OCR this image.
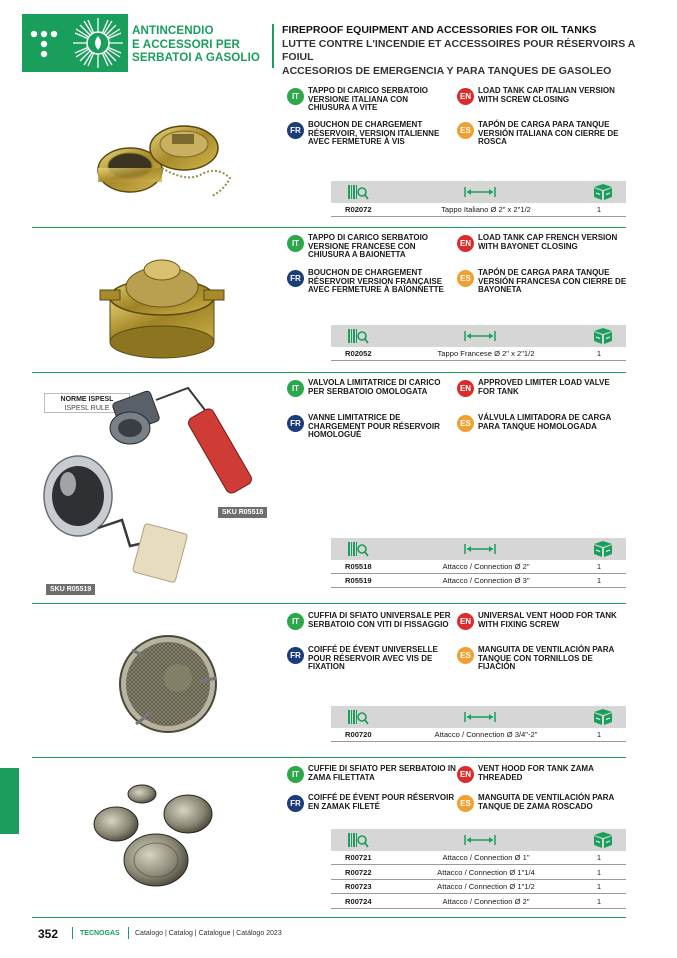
ANTINCENDIO
E ACCESSORI PER
SERBATOI A GASOLIO
FIREPROOF EQUIPMENT AND ACCESSORIES FOR OIL TANKS
LUTTE CONTRE L'INCENDIE ET ACCESSOIRES POUR RÉSERVOIRS A FOIUL
ACCESORIOS DE EMERGENCIA Y PARA TANQUES DE GASOLEO
IT
TAPPO DI CARICO SERBATOIO VERSIONE ITALIANA CON CHIUSURA A VITE
EN
LOAD TANK CAP ITALIAN VERSION WITH SCREW CLOSING
FR
BOUCHON DE CHARGEMENT RÉSERVOIR, VERSION ITALIENNE AVEC FERMETURE À VIS
ES
TAPÓN DE CARGA PARA TANQUE VERSIÓN ITALIANA CON CIERRE DE ROSCA
R02072	Tappo Italiano Ø 2" x 2"1/2	1
IT
TAPPO DI CARICO SERBATOIO VERSIONE FRANCESE CON CHIUSURA A BAIONETTA
EN
LOAD TANK CAP FRENCH VERSION WITH BAYONET CLOSING
FR
BOUCHON DE CHARGEMENT RÉSERVOIR VERSION FRANÇAISE AVEC FERMETURE À BAÏONNETTE
ES
TAPÓN DE CARGA PARA TANQUE VERSIÓN FRANCESA CON CIERRE DE BAYONETA
R02052	Tappo Francese Ø 2" x 2"1/2	1
NORME ISPESL
ISPESL RULE
SKU R05518
SKU R05519
IT
VALVOLA LIMITATRICE DI CARICO PER SERBATOIO OMOLOGATA	EN
APPROVED LIMITER LOAD VALVE FOR TANK
FR
VANNE LIMITATRICE DE CHARGEMENT POUR RÉSERVOIR HOMOLOGUÉ
ES
VÁLVULA LIMITADORA DE CARGA PARA TANQUE HOMOLOGADA
R05518	Attacco / Connection Ø 2"	1
R05519	Attacco / Connection Ø 3"	1
IT
CUFFIA DI SFIATO UNIVERSALE PER SERBATOIO CON VITI DI FISSAGGIO	EN
UNIVERSAL VENT HOOD FOR TANK WITH FIXING SCREW
FR
COIFFÉ DE ÉVENT UNIVERSELLE POUR RÉSERVOIR AVEC VIS DE FIXATION
ES
MANGUITA DE VENTILACIÓN PARA TANQUE CON TORNILLOS DE FIJACIÓN
R00720	Attacco / Connection Ø 3/4"-2"	1
IT
CUFFIE DI SFIATO PER SERBATOIO IN ZAMA FILETTATA	EN
VENT HOOD FOR TANK ZAMA THREADED
FR
COIFFÉ DE ÉVENT POUR RÉSERVOIR EN ZAMAK FILETÉ	ES
MANGUITA DE VENTILACIÓN PARA TANQUE DE ZAMA ROSCADO
R00721	Attacco / Connection Ø 1"	1
R00722	Attacco / Connection Ø 1"1/4	1
R00723	Attacco / Connection Ø 1"1/2	1
R00724	Attacco / Connection Ø 2"	1
352	TECNOGAS Catalogo | Catalog | Catalogue | Catálogo 2023
